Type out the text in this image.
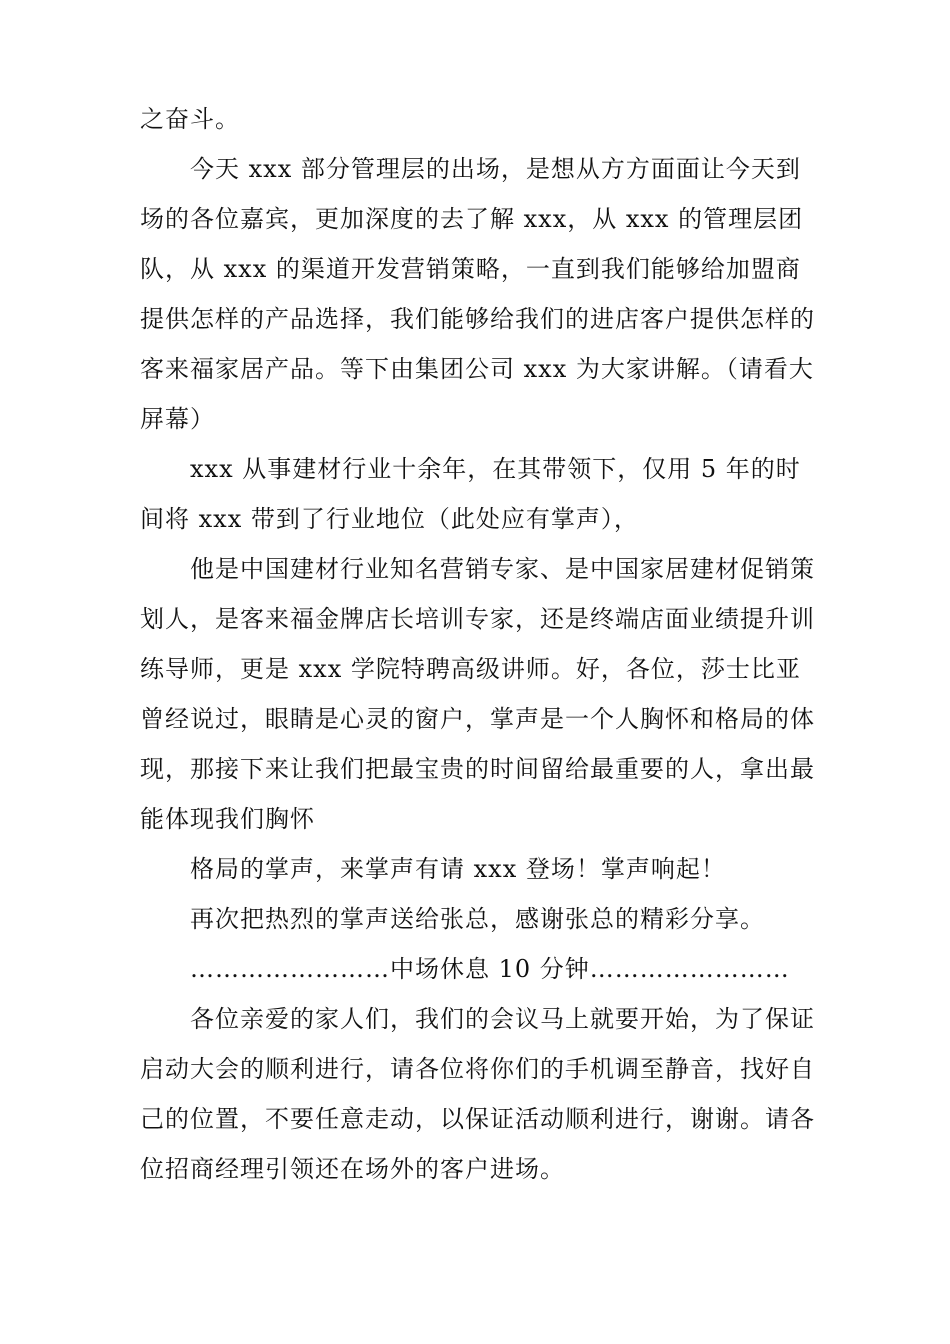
之奋斗。

今天 xxx 部分管理层的出场，是想从方方面面让今天到场的各位嘉宾，更加深度的去了解 xxx，从 xxx 的管理层团队，从 xxx 的渠道开发营销策略，一直到我们能够给加盟商提供怎样的产品选择，我们能够给我们的进店客户提供怎样的客来福家居产品。等下由集团公司 xxx 为大家讲解。（请看大屏幕）

xxx 从事建材行业十余年，在其带领下，仅用 5 年的时间将 xxx 带到了行业地位（此处应有掌声），

他是中国建材行业知名营销专家、是中国家居建材促销策划人，是客来福金牌店长培训专家，还是终端店面业绩提升训练导师，更是 xxx 学院特聘高级讲师。好，各位，莎士比亚曾经说过，眼睛是心灵的窗户，掌声是一个人胸怀和格局的体现，那接下来让我们把最宝贵的时间留给最重要的人，拿出最能体现我们胸怀

格局的掌声，来掌声有请 xxx 登场！掌声响起！

再次把热烈的掌声送给张总，感谢张总的精彩分享。

……………………中场休息 10 分钟……………………

各位亲爱的家人们，我们的会议马上就要开始，为了保证启动大会的顺利进行，请各位将你们的手机调至静音，找好自己的位置，不要任意走动，以保证活动顺利进行，谢谢。请各位招商经理引领还在场外的客户进场。
